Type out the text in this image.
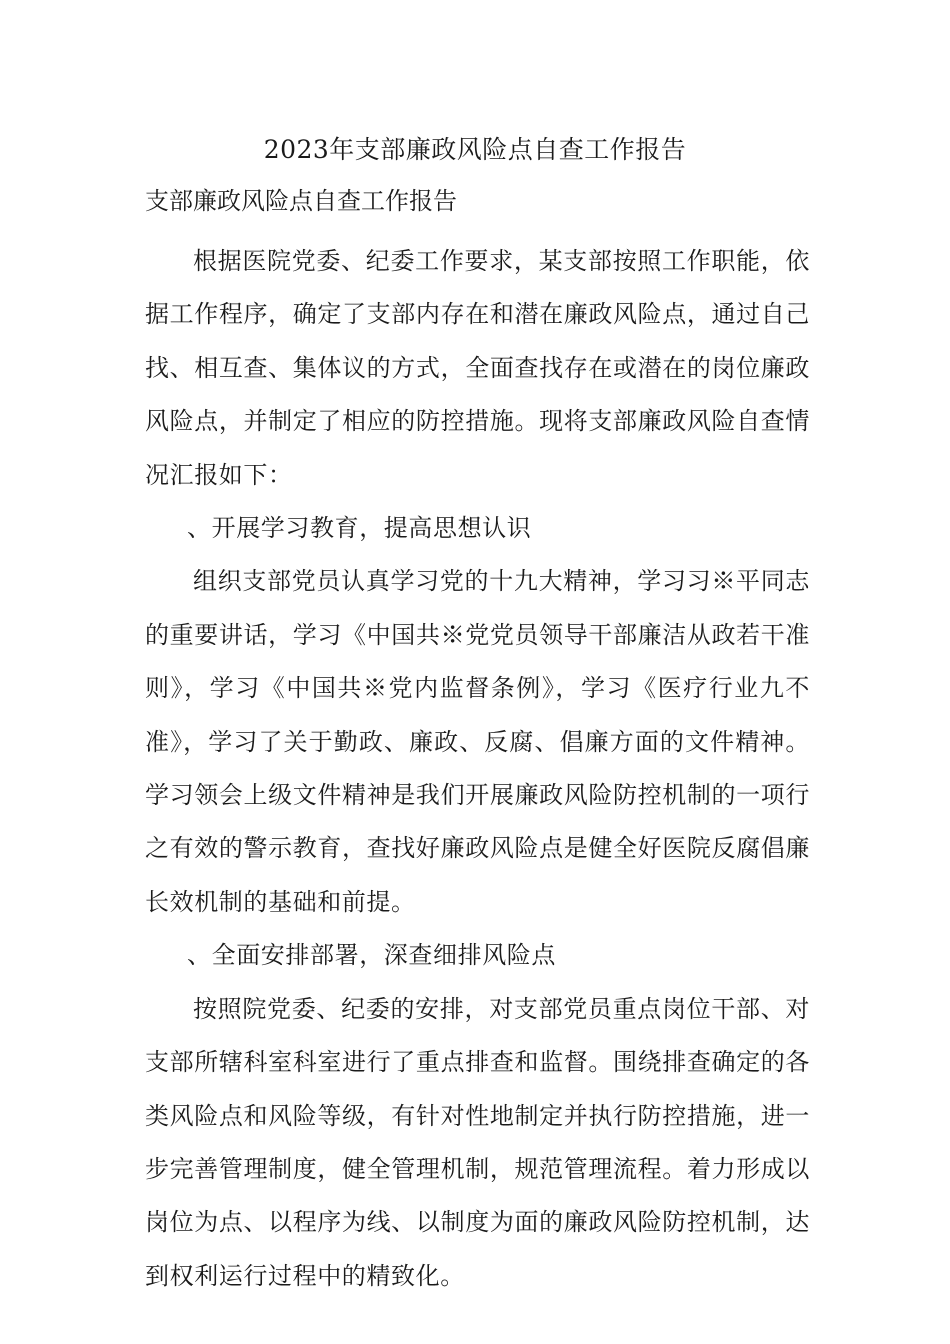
2023年支部廉政风险点自查工作报告
支部廉政风险点自查工作报告

根据医院党委、纪委工作要求，某支部按照工作职能，依据工作程序，确定了支部内存在和潜在廉政风险点，通过自己找、相互查、集体议的方式，全面查找存在或潜在的岗位廉政风险点，并制定了相应的防控措施。现将支部廉政风险自查情况汇报如下：

、开展学习教育，提高思想认识

组织支部党员认真学习党的十九大精神，学习习※平同志的重要讲话，学习《中国共※党党员领导干部廉洁从政若干准则》，学习《中国共※党内监督条例》，学习《医疗行业九不准》，学习了关于勤政、廉政、反腐、倡廉方面的文件精神。学习领会上级文件精神是我们开展廉政风险防控机制的一项行之有效的警示教育，查找好廉政风险点是健全好医院反腐倡廉长效机制的基础和前提。

、全面安排部署，深查细排风险点

按照院党委、纪委的安排，对支部党员重点岗位干部、对支部所辖科室科室进行了重点排查和监督。围绕排查确定的各类风险点和风险等级，有针对性地制定并执行防控措施，进一步完善管理制度，健全管理机制，规范管理流程。着力形成以岗位为点、以程序为线、以制度为面的廉政风险防控机制，达到权利运行过程中的精致化。
